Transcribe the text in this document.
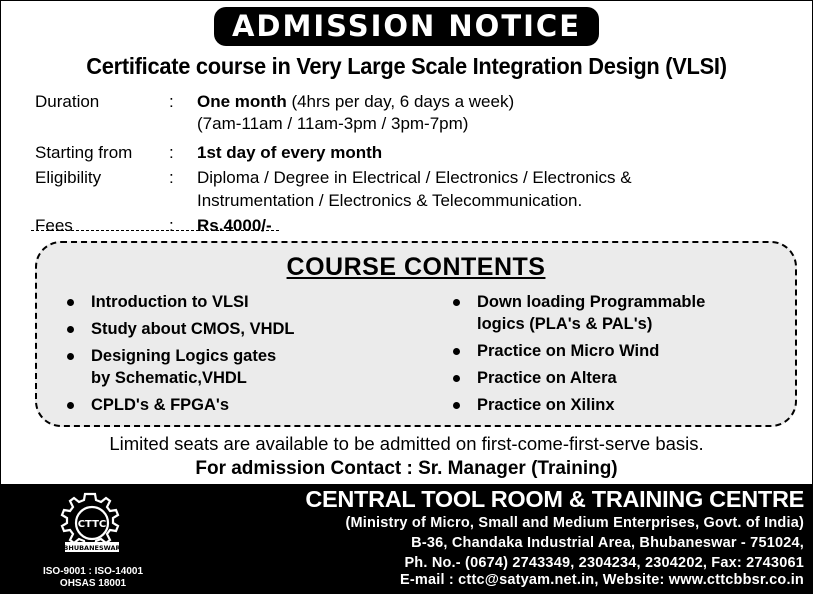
ADMISSION NOTICE
Certificate course in Very Large Scale Integration Design (VLSI)
Duration	: One month (4hrs per day, 6 days a week)
(7am-11am / 11am-3pm / 3pm-7pm)
Starting from : 1st day of every month
Eligibility	: Diploma / Degree in Electrical / Electronics / Electronics &
Instrumentation / Electronics & Telecommunication.
Fees	: Rs.4000/-
COURSE CONTENTS
Introduction to VLSI
Study about CMOS, VHDL
Designing Logics gates
by Schematic,VHDL
CPLD's & FPGA's
Down loading Programmable
logics (PLA's & PAL's)
Practice on Micro Wind
Practice on Altera
Practice on Xilinx
Limited seats are available to be admitted on first-come-first-serve basis.
For admission Contact : Sr. Manager (Training)
CTTC
BHUBANESWAR
ISO-9001 : ISO-14001
OHSAS 18001
CENTRAL TOOL ROOM & TRAINING CENTRE
(Ministry of Micro, Small and Medium Enterprises, Govt. of India)
B-36, Chandaka Industrial Area, Bhubaneswar - 751024,
Ph. No.- (0674) 2743349, 2304234, 2304202, Fax: 2743061
E-mail : cttc@satyam.net.in, Website: www.cttcbbsr.co.in
